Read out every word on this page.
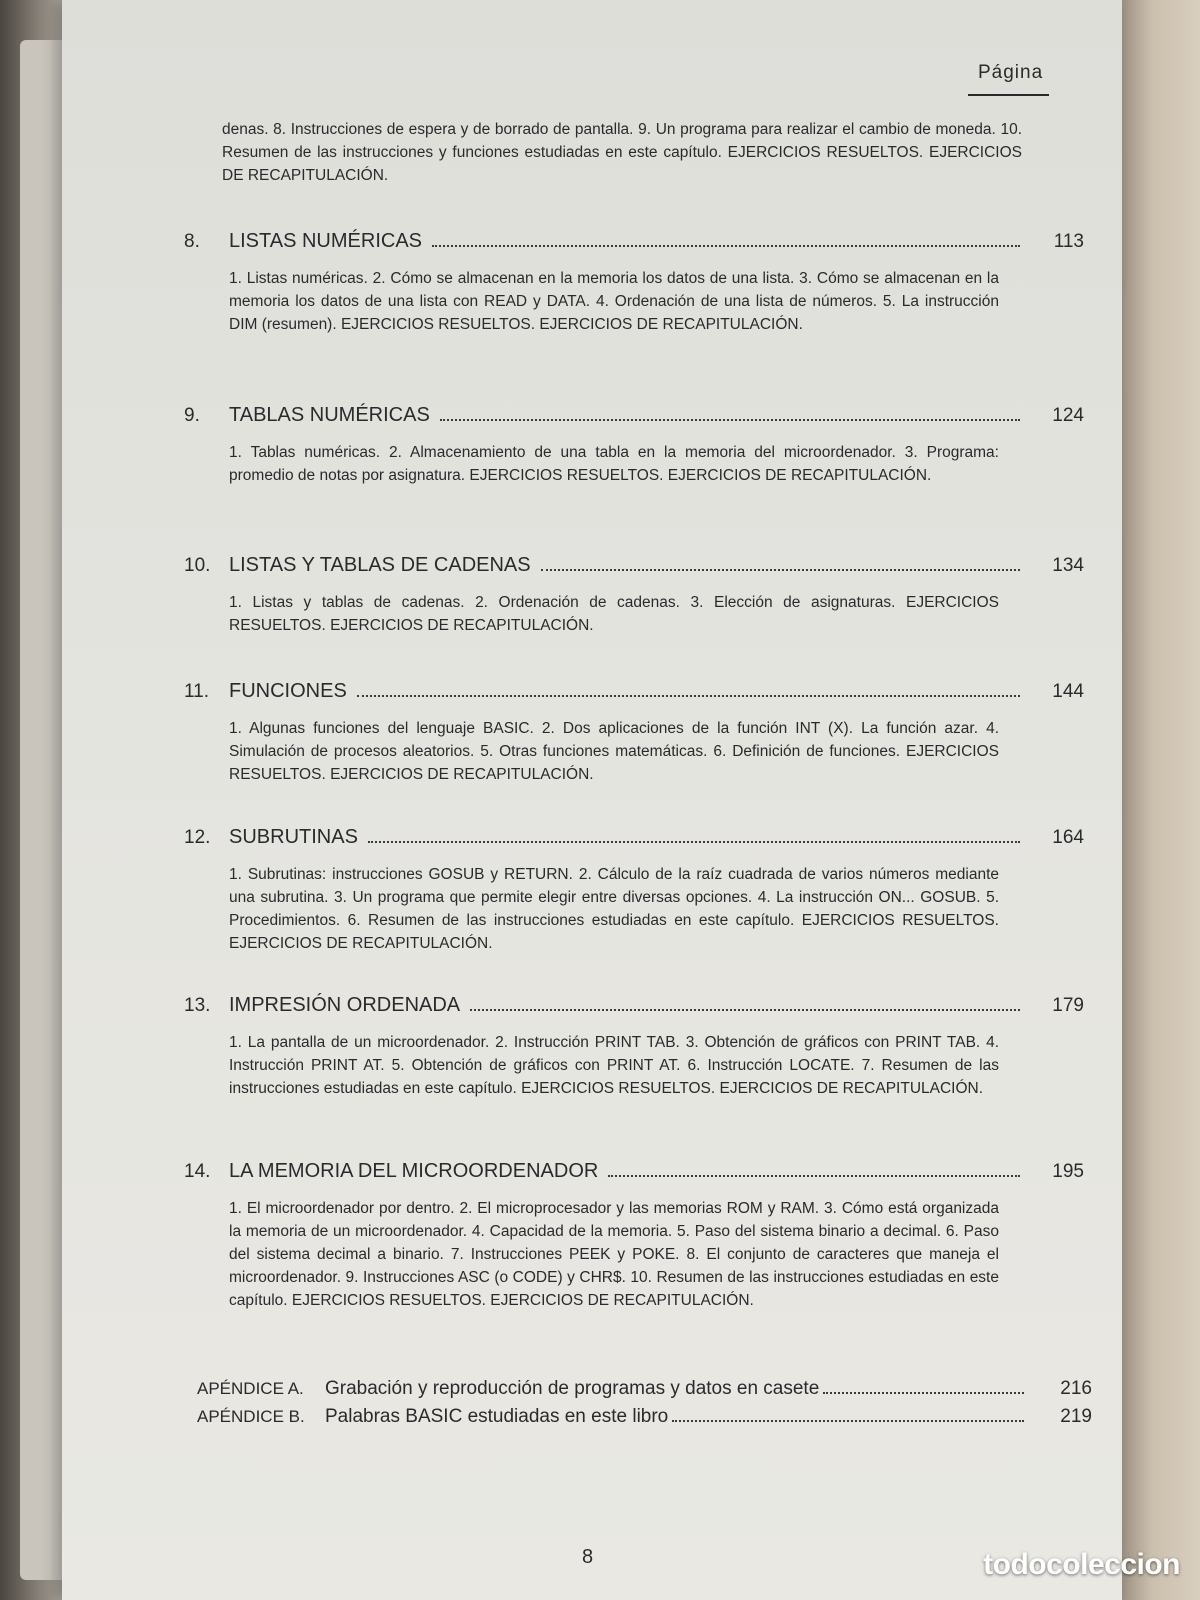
Página
denas. 8. Instrucciones de espera y de borrado de pantalla. 9. Un programa para realizar el cambio de moneda. 10. Resumen de las instrucciones y funciones estudiadas en este capítulo. EJERCICIOS RESUELTOS. EJERCICIOS DE RECAPITULACIÓN.
8.	LISTAS NUMÉRICAS	113
1. Listas numéricas. 2. Cómo se almacenan en la memoria los datos de una lista. 3. Cómo se almacenan en la memoria los datos de una lista con READ y DATA. 4. Ordenación de una lista de números. 5. La instrucción DIM (resumen). EJERCICIOS RESUELTOS. EJERCICIOS DE RECAPITULACIÓN.
9.	TABLAS NUMÉRICAS	124
1. Tablas numéricas. 2. Almacenamiento de una tabla en la memoria del microordenador. 3. Programa: promedio de notas por asignatura. EJERCICIOS RESUELTOS. EJERCICIOS DE RECAPITULACIÓN.
10. LISTAS Y TABLAS DE CADENAS	134
1. Listas y tablas de cadenas. 2. Ordenación de cadenas. 3. Elección de asignaturas. EJERCICIOS RESUELTOS. EJERCICIOS DE RECAPITULACIÓN.
11. FUNCIONES	144
1. Algunas funciones del lenguaje BASIC. 2. Dos aplicaciones de la función INT (X). La función azar. 4. Simulación de procesos aleatorios. 5. Otras funciones matemáticas. 6. Definición de funciones. EJERCICIOS RESUELTOS. EJERCICIOS DE RECAPITULACIÓN.
12. SUBRUTINAS	164
1. Subrutinas: instrucciones GOSUB y RETURN. 2. Cálculo de la raíz cuadrada de varios números mediante una subrutina. 3. Un programa que permite elegir entre diversas opciones. 4. La instrucción ON... GOSUB. 5. Procedimientos. 6. Resumen de las instrucciones estudiadas en este capítulo. EJERCICIOS RESUELTOS. EJERCICIOS DE RECAPITULACIÓN.
13. IMPRESIÓN ORDENADA	179
1. La pantalla de un microordenador. 2. Instrucción PRINT TAB. 3. Obtención de gráficos con PRINT TAB. 4. Instrucción PRINT AT. 5. Obtención de gráficos con PRINT AT. 6. Instrucción LOCATE. 7. Resumen de las instrucciones estudiadas en este capítulo. EJERCICIOS RESUELTOS. EJERCICIOS DE RECAPITULACIÓN.
14. LA MEMORIA DEL MICROORDENADOR	195
1. El microordenador por dentro. 2. El microprocesador y las memorias ROM y RAM. 3. Cómo está organizada la memoria de un microordenador. 4. Capacidad de la memoria. 5. Paso del sistema binario a decimal. 6. Paso del sistema decimal a binario. 7. Instrucciones PEEK y POKE. 8. El conjunto de caracteres que maneja el microordenador. 9. Instrucciones ASC (o CODE) y CHR$. 10. Resumen de las instrucciones estudiadas en este capítulo. EJERCICIOS RESUELTOS. EJERCICIOS DE RECAPITULACIÓN.
APÉNDICE A.	Grabación y reproducción de programas y datos en casete	216
APÉNDICE B.	Palabras BASIC estudiadas en este libro	219
8	todocoleccion
